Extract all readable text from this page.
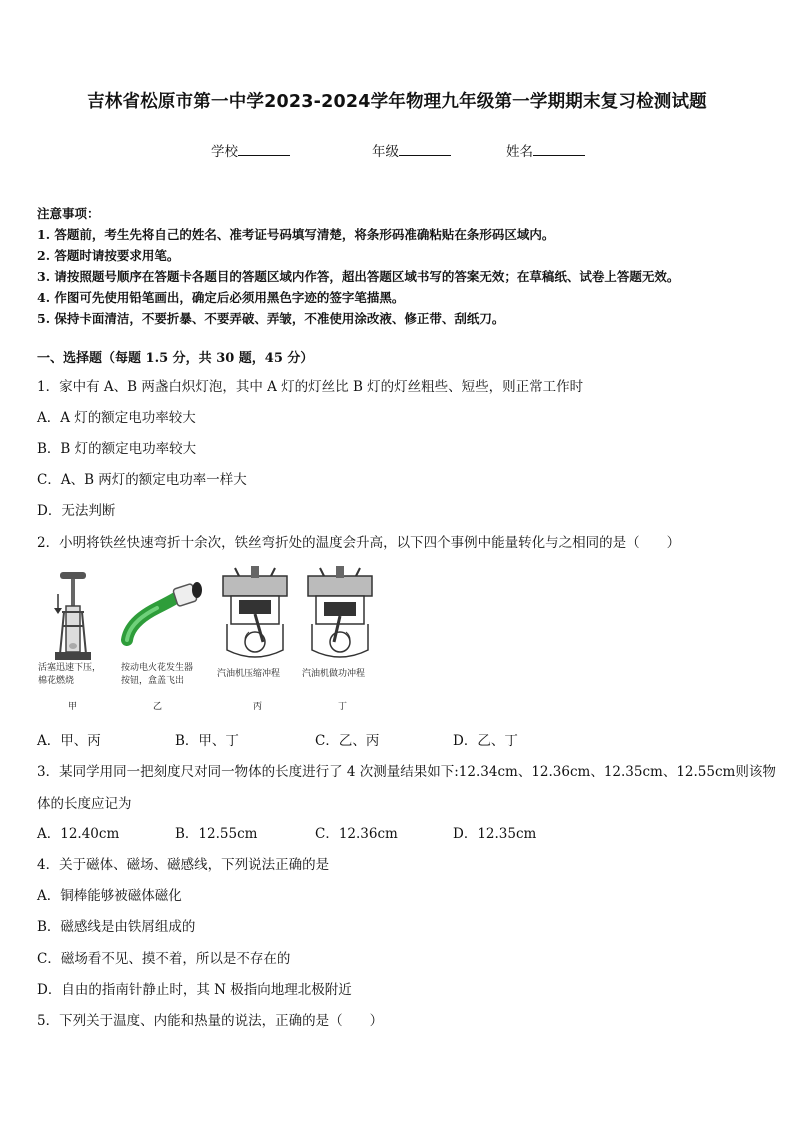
吉林省松原市第一中学2023-2024学年物理九年级第一学期期末复习检测试题
学校	年级	姓名
注意事项：
1. 答题前，考生先将自己的姓名、准考证号码填写清楚，将条形码准确粘贴在条形码区域内。
2. 答题时请按要求用笔。
3. 请按照题号顺序在答题卡各题目的答题区域内作答，超出答题区域书写的答案无效；在草稿纸、试卷上答题无效。
4. 作图可先使用铅笔画出，确定后必须用黑色字迹的签字笔描黑。
5. 保持卡面清洁，不要折暴、不要弄破、弄皱，不准使用涂改液、修正带、刮纸刀。
一、选择题（每题 1.5 分，共 30 题，45 分）
1．家中有 A、B 两盏白炽灯泡，其中 A 灯的灯丝比 B 灯的灯丝粗些、短些，则正常工作时
A．A 灯的额定电功率较大
B．B 灯的额定电功率较大
C．A、B 两灯的额定电功率一样大
D．无法判断
2．小明将铁丝快速弯折十余次，铁丝弯折处的温度会升高，以下四个事例中能量转化与之相同的是（　　）
活塞迅速下压，
棉花燃烧
甲
按动电火花发生器
按钮，盒盖飞出
乙
汽油机压缩冲程
丙
汽油机做功冲程
丁
A．甲、丙	B．甲、丁	C．乙、丙	D．乙、丁
3．某同学用同一把刻度尺对同一物体的长度进行了 4 次测量结果如下:12.34cm、12.36cm、12.35cm、12.55cm则该物
体的长度应记为
A．12.40cm	B．12.55cm	C．12.36cm	D．12.35cm
4．关于磁体、磁场、磁感线，下列说法正确的是
A．铜棒能够被磁体磁化
B．磁感线是由铁屑组成的
C．磁场看不见、摸不着，所以是不存在的
D．自由的指南针静止时，其 N 极指向地理北极附近
5．下列关于温度、内能和热量的说法，正确的是（　　）
